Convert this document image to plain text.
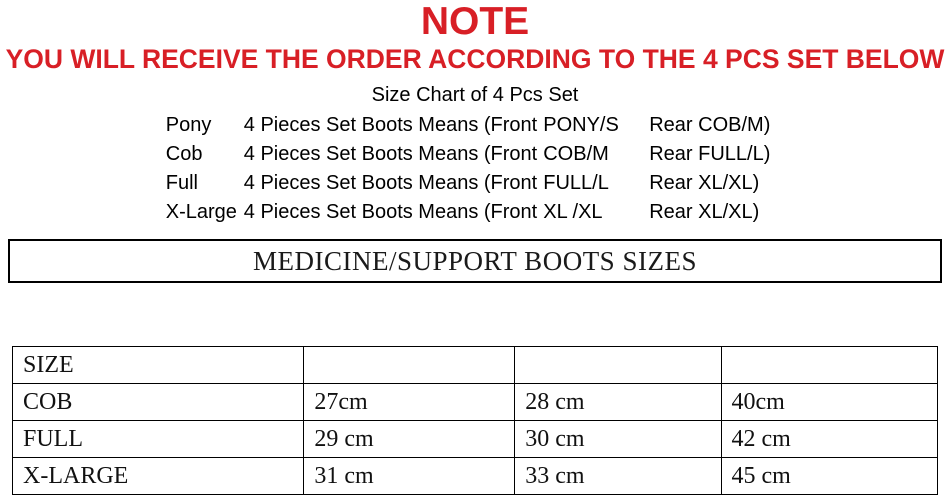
NOTE
YOU WILL RECEIVE THE ORDER ACCORDING TO THE 4 PCS SET BELOW
Size Chart of 4 Pcs Set
Pony	4 Pieces Set Boots Means (Front PONY/S	Rear COB/M)
Cob	4 Pieces Set Boots Means (Front COB/M	Rear FULL/L)
Full	4 Pieces Set Boots Means (Front FULL/L	Rear XL/XL)
X-Large 4 Pieces Set Boots Means (Front XL /XL	Rear XL/XL)
MEDICINE/SUPPORT BOOTS SIZES
SIZE			
COB	27cm	28 cm	40cm
FULL	29 cm	30 cm	42 cm
X-LARGE	31 cm	33 cm	45 cm
